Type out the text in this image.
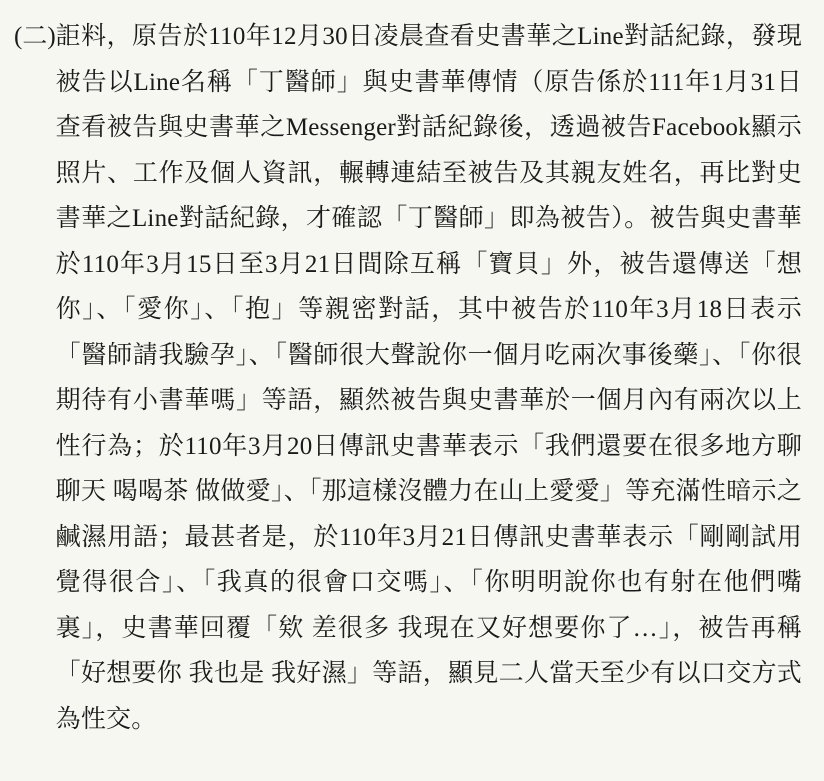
(二) 詎料，原告於110年12月30日凌晨查看史書華之Line對話紀錄，發現被告以Line名稱「丁醫師」與史書華傳情（原告係於111年1月31日查看被告與史書華之Messenger對話紀錄後，透過被告Facebook顯示照片、工作及個人資訊，輾轉連結至被告及其親友姓名，再比對史書華之Line對話紀錄，才確認「丁醫師」即為被告）。被告與史書華於110年3月15日至3月21日間除互稱「寶貝」外，被告還傳送「想你」、「愛你」、「抱」等親密對話，其中被告於110年3月18日表示「醫師請我驗孕」、「醫師很大聲說你一個月吃兩次事後藥」、「你很期待有小書華嗎」等語，顯然被告與史書華於一個月內有兩次以上性行為；於110年3月20日傳訊史書華表示「我們還要在很多地方聊聊天 喝喝茶 做做愛」、「那這樣沒體力在山上愛愛」等充滿性暗示之鹹濕用語；最甚者是，於110年3月21日傳訊史書華表示「剛剛試用覺得很合」、「我真的很會口交嗎」、「你明明說你也有射在他們嘴裏」，史書華回覆「欸 差很多 我現在又好想要你了…」，被告再稱「好想要你 我也是 我好濕」等語，顯見二人當天至少有以口交方式為性交。
